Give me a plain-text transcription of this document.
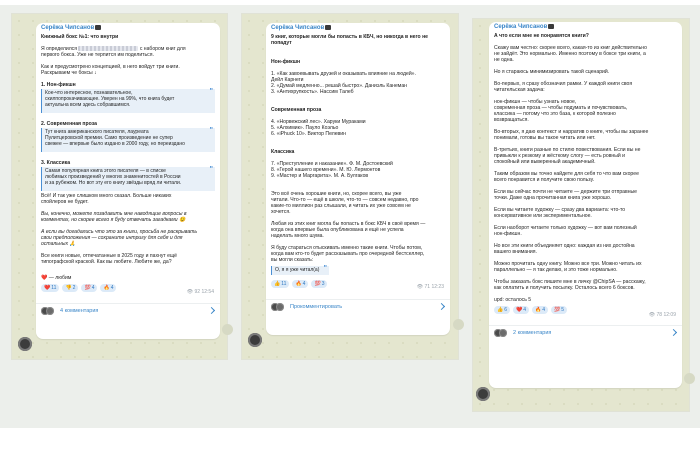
Серёжа Чипсанов
Книжный бокс №1: что внутри
Я определился	с набором книг для
первого бокса. Уже не терпится им поделиться.
Как и предусмотрено концепцией, в него войдут три книги.
Раскрываем че боксы ↓
1. Нон-фикшн
2. Современная проза
3. Классика
Всё! И так уже слишком много сказал. Больше никаких
спойлеров не будет.
Вы, конечно, можете позадавить мне наводящие вопросы в
комментах, но скорее всего я буду отвечать загадками 😉
А если вы догадались что это за книги, просьба не раскрывать
свои предположения — сохраните интригу для себя и для
остальных 🙏
Все книги новые, отпечатанные в 2025 году и пахнут ещё
типографской краской. Как вы любите. Любите же, да?
❤️ — любим
Кое-что интересное, познавательное,
скилпопрокачивающее. Уверен на 99%, что книга будет
актуальна всем здесь собравшимся.
"
Тут книга американского писателя, лауреата
Пулитцеровской премии. Само произведение не супер
свежее — впервые было издано в 2000 году, но переиздано
"
Самая популярная книга этого писателя — в списке
любимых произведений у многих знаменитостей в России
и за рубежом. Но вот эту его книгу звёзды вряд ли читали.
"
❤️ 11 👎 2 💯 4 🔥 4
👁 92 12:54
4 комментария
Серёжа Чипсанов
9 книг, которые могли бы попасть в КБЧ, но никогда в него не
попадут
Нон-фикшн
1. «Как завоевывать друзей и оказывать влияние на людей».
Дейл Карнеги
2. «Думай медленно... решай быстро». Даниэль Канеман
3. «Антихрупкость». Нассим Талеб
Современная проза
4. «Норвежский лес». Харуки Мураками
5. «Алхимик». Пауло Коэльо
6. «iPhuck 10». Виктор Пелевин
Классика
7. «Преступление и наказание». Ф. М. Достоевский
8. «Герой нашего времени». М. Ю. Лермонтов
9. «Мастер и Маргарита». М. А. Булгаков
Это всё очень хорошие книги, но, скорее всего, вы уже
читали. Что-то — ещё в школе, что-то — совсем недавно, про
какие-то миллион раз слышали, и читать их уже совсем не
хочется.
Любая из этих книг могла бы попасть в бокс КБЧ в своё время —
когда она впервые была опубликована и ещё не успела
наделать много шума.
Я буду стараться отыскивать именно такие книги. Чтобы потом,
когда вам кто-то будет рассказывать про очередной бестселлер,
вы могли сказать:
О, я я уже читал(а) "
👍 11 🔥 4 💯 3	👁 71 12:23
Прокомментировать
Серёжа Чипсанов
А что если мне не понравятся книги?
Скажу вам честно: скорее всего, какая-то из книг действительно
не зайдёт. Это нормально. Именно поэтому в боксе три книги, а
не одна.
Но я стараюсь минимизировать такой сценарий.
Во-первых, я сразу обозначил рамки. У каждой книги своя
читательская задача:
нон-фикшн — чтобы узнать новое,
современная проза — чтобы подумать и почувствовать,
классика — потому что это база, к которой полезно
возвращаться.
Во-вторых, я даю контекст и нарратив о книге, чтобы вы заранее
понимали, готовы вы такое читать или нет.
В-третьих, книги разные по стилю повествования. Если вы не
привыкли к резкому и жёсткому слогу — есть ровный и
спокойный или выверенный академичный.
Таким образом вы точно найдете для себя то что вам скорее
всего понравится и получите свою пользу.
Если вы сейчас почти не читаете — держите три отправные
точки. Даже одна прочитанная книга уже хорошо.
Если вы читаете художку — сразу два варианта: что-то
консервативное или экспериментальное.
Если наоборот читаете только художку — вот вам полезный
нон-фикшн.
Но все эти книги объединяет одно: каждая из них достойна
вашего внимания.
Можно прочитать одну книгу. Можно все три. Можно читать их
параллельно — я так делаю, и это тоже нормально.
Чтобы заказать бокс пишите мне в личку @ChipSA — расскажу,
как оплатить и получить посылку. Осталось всего 6 боксов.
upd: осталось 5
👍 6 ❤️ 4 🔥 4 💯 5
👁 78 12:09
2 комментария
